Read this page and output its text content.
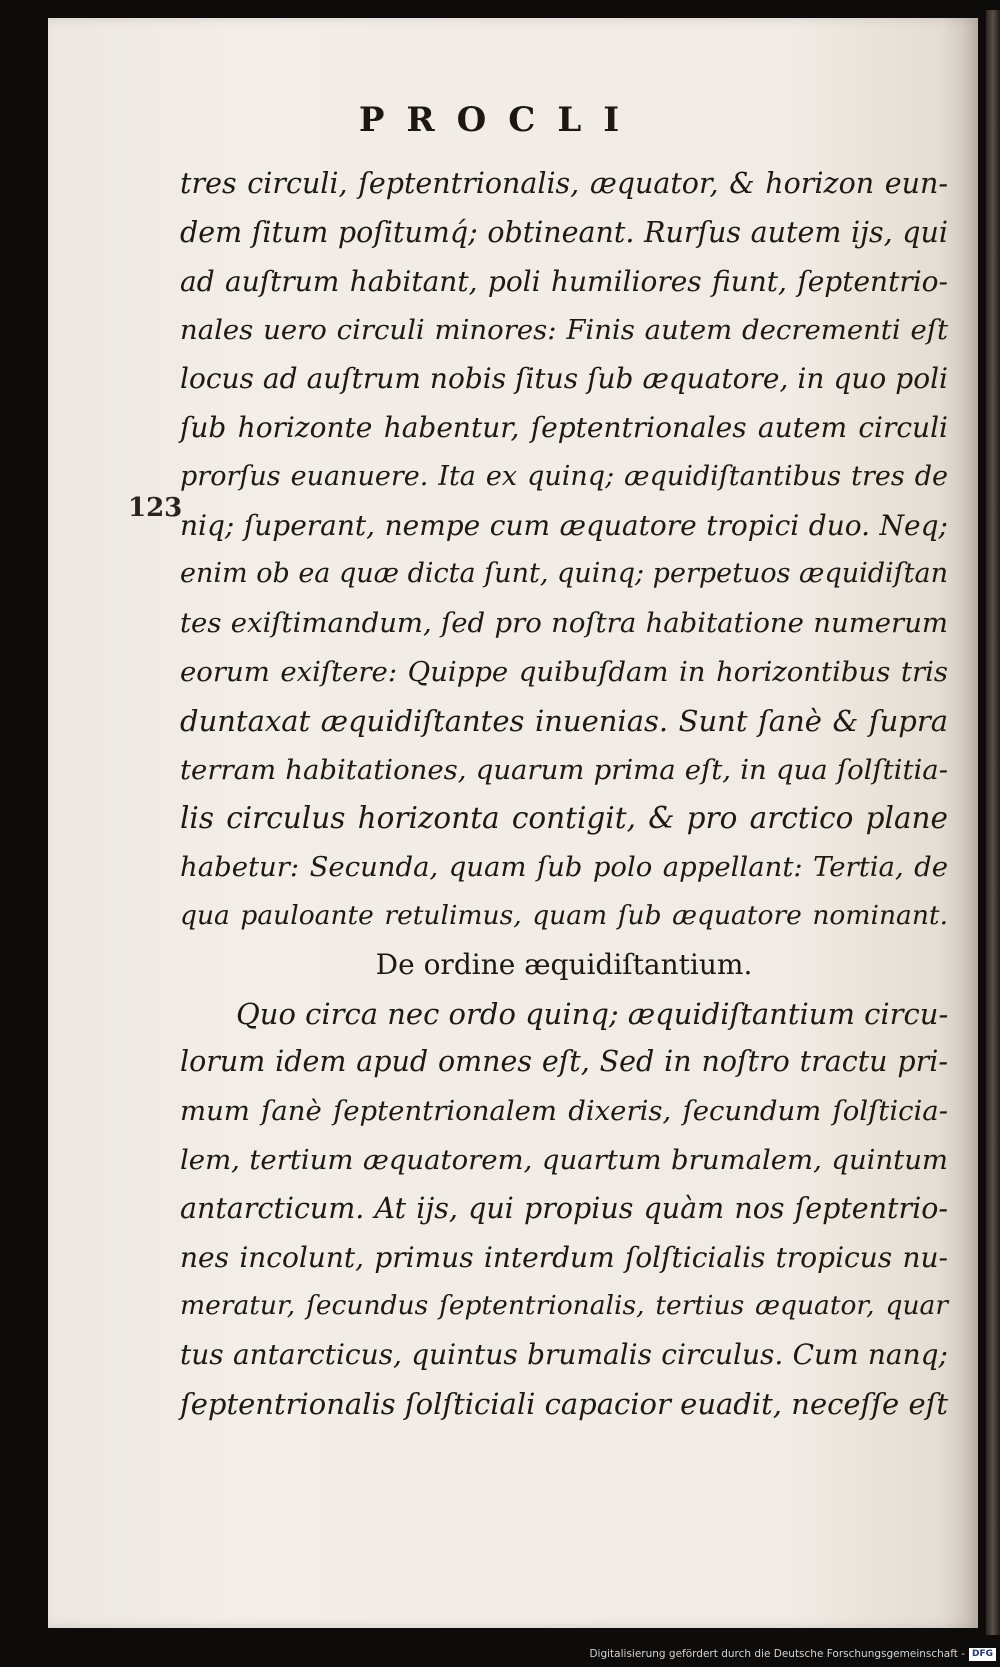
PROCLI
123
tres circuli, ſeptentrionalis, æquator, & horizon eun‐
dem ſitum poſitumq́; obtineant. Rurſus autem ijs, qui
ad auſtrum habitant, poli humiliores fiunt, ſeptentrio‐
nales uero circuli minores: Finis autem decrementi eſt
locus ad auſtrum nobis ſitus ſub æquatore, in quo poli
ſub horizonte habentur, ſeptentrionales autem circuli
prorſus euanuere. Ita ex quinq; æquidiſtantibus tres de
niq; ſuperant, nempe cum æquatore tropici duo. Neq;
enim ob ea quæ dicta ſunt, quinq; perpetuos æquidiſtan
tes exiſtimandum, ſed pro noſtra habitatione numerum
eorum exiſtere: Quippe quibuſdam in horizontibus tris
duntaxat æquidiſtantes inuenias. Sunt ſanè & ſupra
terram habitationes, quarum prima eſt, in qua ſolſtitia‐
lis circulus horizonta contigit, & pro arctico plane
habetur: Secunda, quam ſub polo appellant: Tertia, de
qua pauloante retulimus, quam ſub æquatore nominant.
De ordine æquidiſtantium.
Quo circa nec ordo quinq; æquidiſtantium circu‐
lorum idem apud omnes eſt, Sed in noſtro tractu pri‐
mum ſanè ſeptentrionalem dixeris, ſecundum ſolſticia‐
lem, tertium æquatorem, quartum brumalem, quintum
antarcticum. At ijs, qui propius quàm nos ſeptentrio‐
nes incolunt, primus interdum ſolſticialis tropicus nu‐
meratur, ſecundus ſeptentrionalis, tertius æquator, quar
tus antarcticus, quintus brumalis circulus. Cum nanq;
ſeptentrionalis ſolſticiali capacior euadit, neceſſe eſt
Digitalisierung gefördert durch die Deutsche Forschungsgemeinschaft - DFG
